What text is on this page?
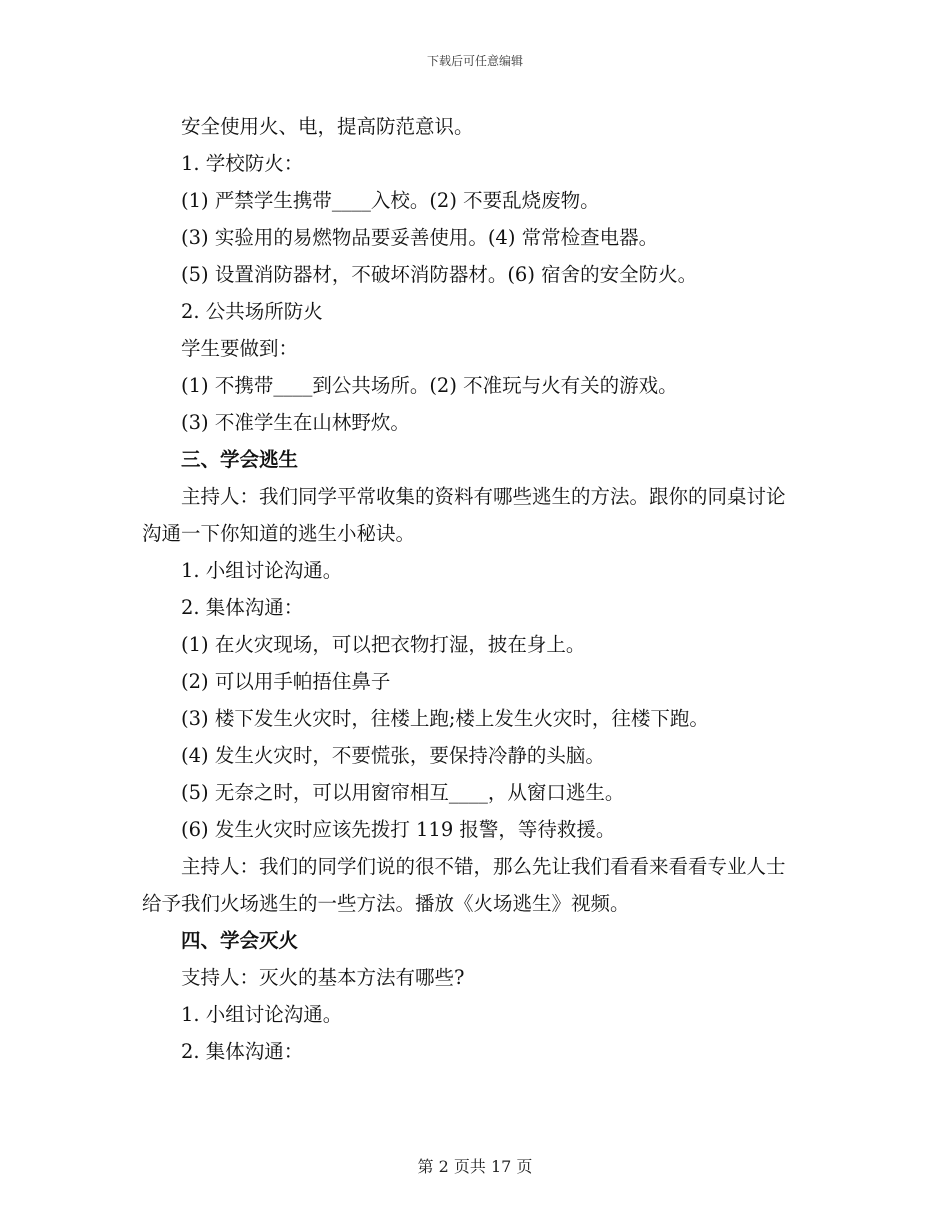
下载后可任意编辑

安全使用火、电，提高防范意识。

1. 学校防火：

(1) 严禁学生携带____入校。(2) 不要乱烧废物。

(3) 实验用的易燃物品要妥善使用。(4) 常常检查电器。

(5) 设置消防器材，不破坏消防器材。(6) 宿舍的安全防火。

2. 公共场所防火

学生要做到：

(1) 不携带____到公共场所。(2) 不准玩与火有关的游戏。

(3) 不准学生在山林野炊。

三、学会逃生

主持人：我们同学平常收集的资料有哪些逃生的方法。跟你的同桌讨论沟通一下你知道的逃生小秘诀。

1. 小组讨论沟通。

2. 集体沟通：

(1) 在火灾现场，可以把衣物打湿，披在身上。

(2) 可以用手帕捂住鼻子

(3) 楼下发生火灾时，往楼上跑;楼上发生火灾时，往楼下跑。

(4) 发生火灾时，不要慌张，要保持冷静的头脑。

(5) 无奈之时，可以用窗帘相互____，从窗口逃生。

(6) 发生火灾时应该先拨打 119 报警，等待救援。

主持人：我们的同学们说的很不错，那么先让我们看看来看看专业人士给予我们火场逃生的一些方法。播放《火场逃生》视频。

四、学会灭火

支持人：灭火的基本方法有哪些?

1. 小组讨论沟通。

2. 集体沟通：

第 2 页共 17 页
